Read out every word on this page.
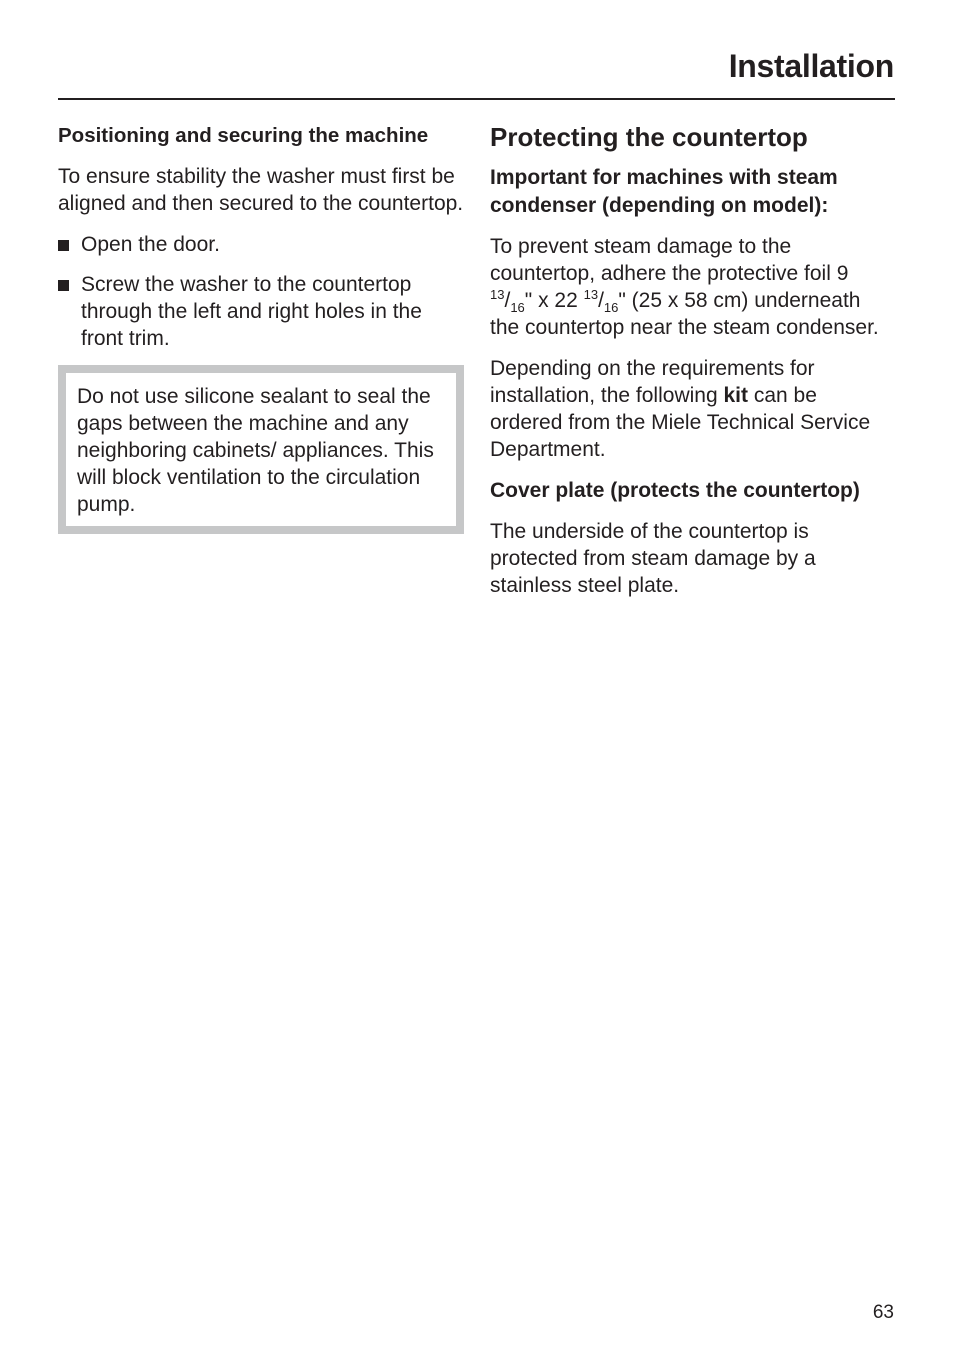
Installation
Positioning and securing the machine

To ensure stability the washer must first be aligned and then secured to the countertop.

Open the door.
Screw the washer to the countertop through the left and right holes in the front trim.
Do not use silicone sealant to seal the gaps between the machine and any neighboring cabinets/ appliances. This will block ventilation to the circulation pump.
Protecting the countertop
Important for machines with steam condenser (depending on model):

To prevent steam damage to the countertop, adhere the protective foil 9 $^{13}/_{16}$" x 22 $^{13}/_{16}$" (25 x 58 cm) underneath the countertop near the steam condenser.

Depending on the requirements for installation, the following kit can be ordered from the Miele Technical Service Department.

Cover plate (protects the countertop)

The underside of the countertop is protected from steam damage by a stainless steel plate.

63
